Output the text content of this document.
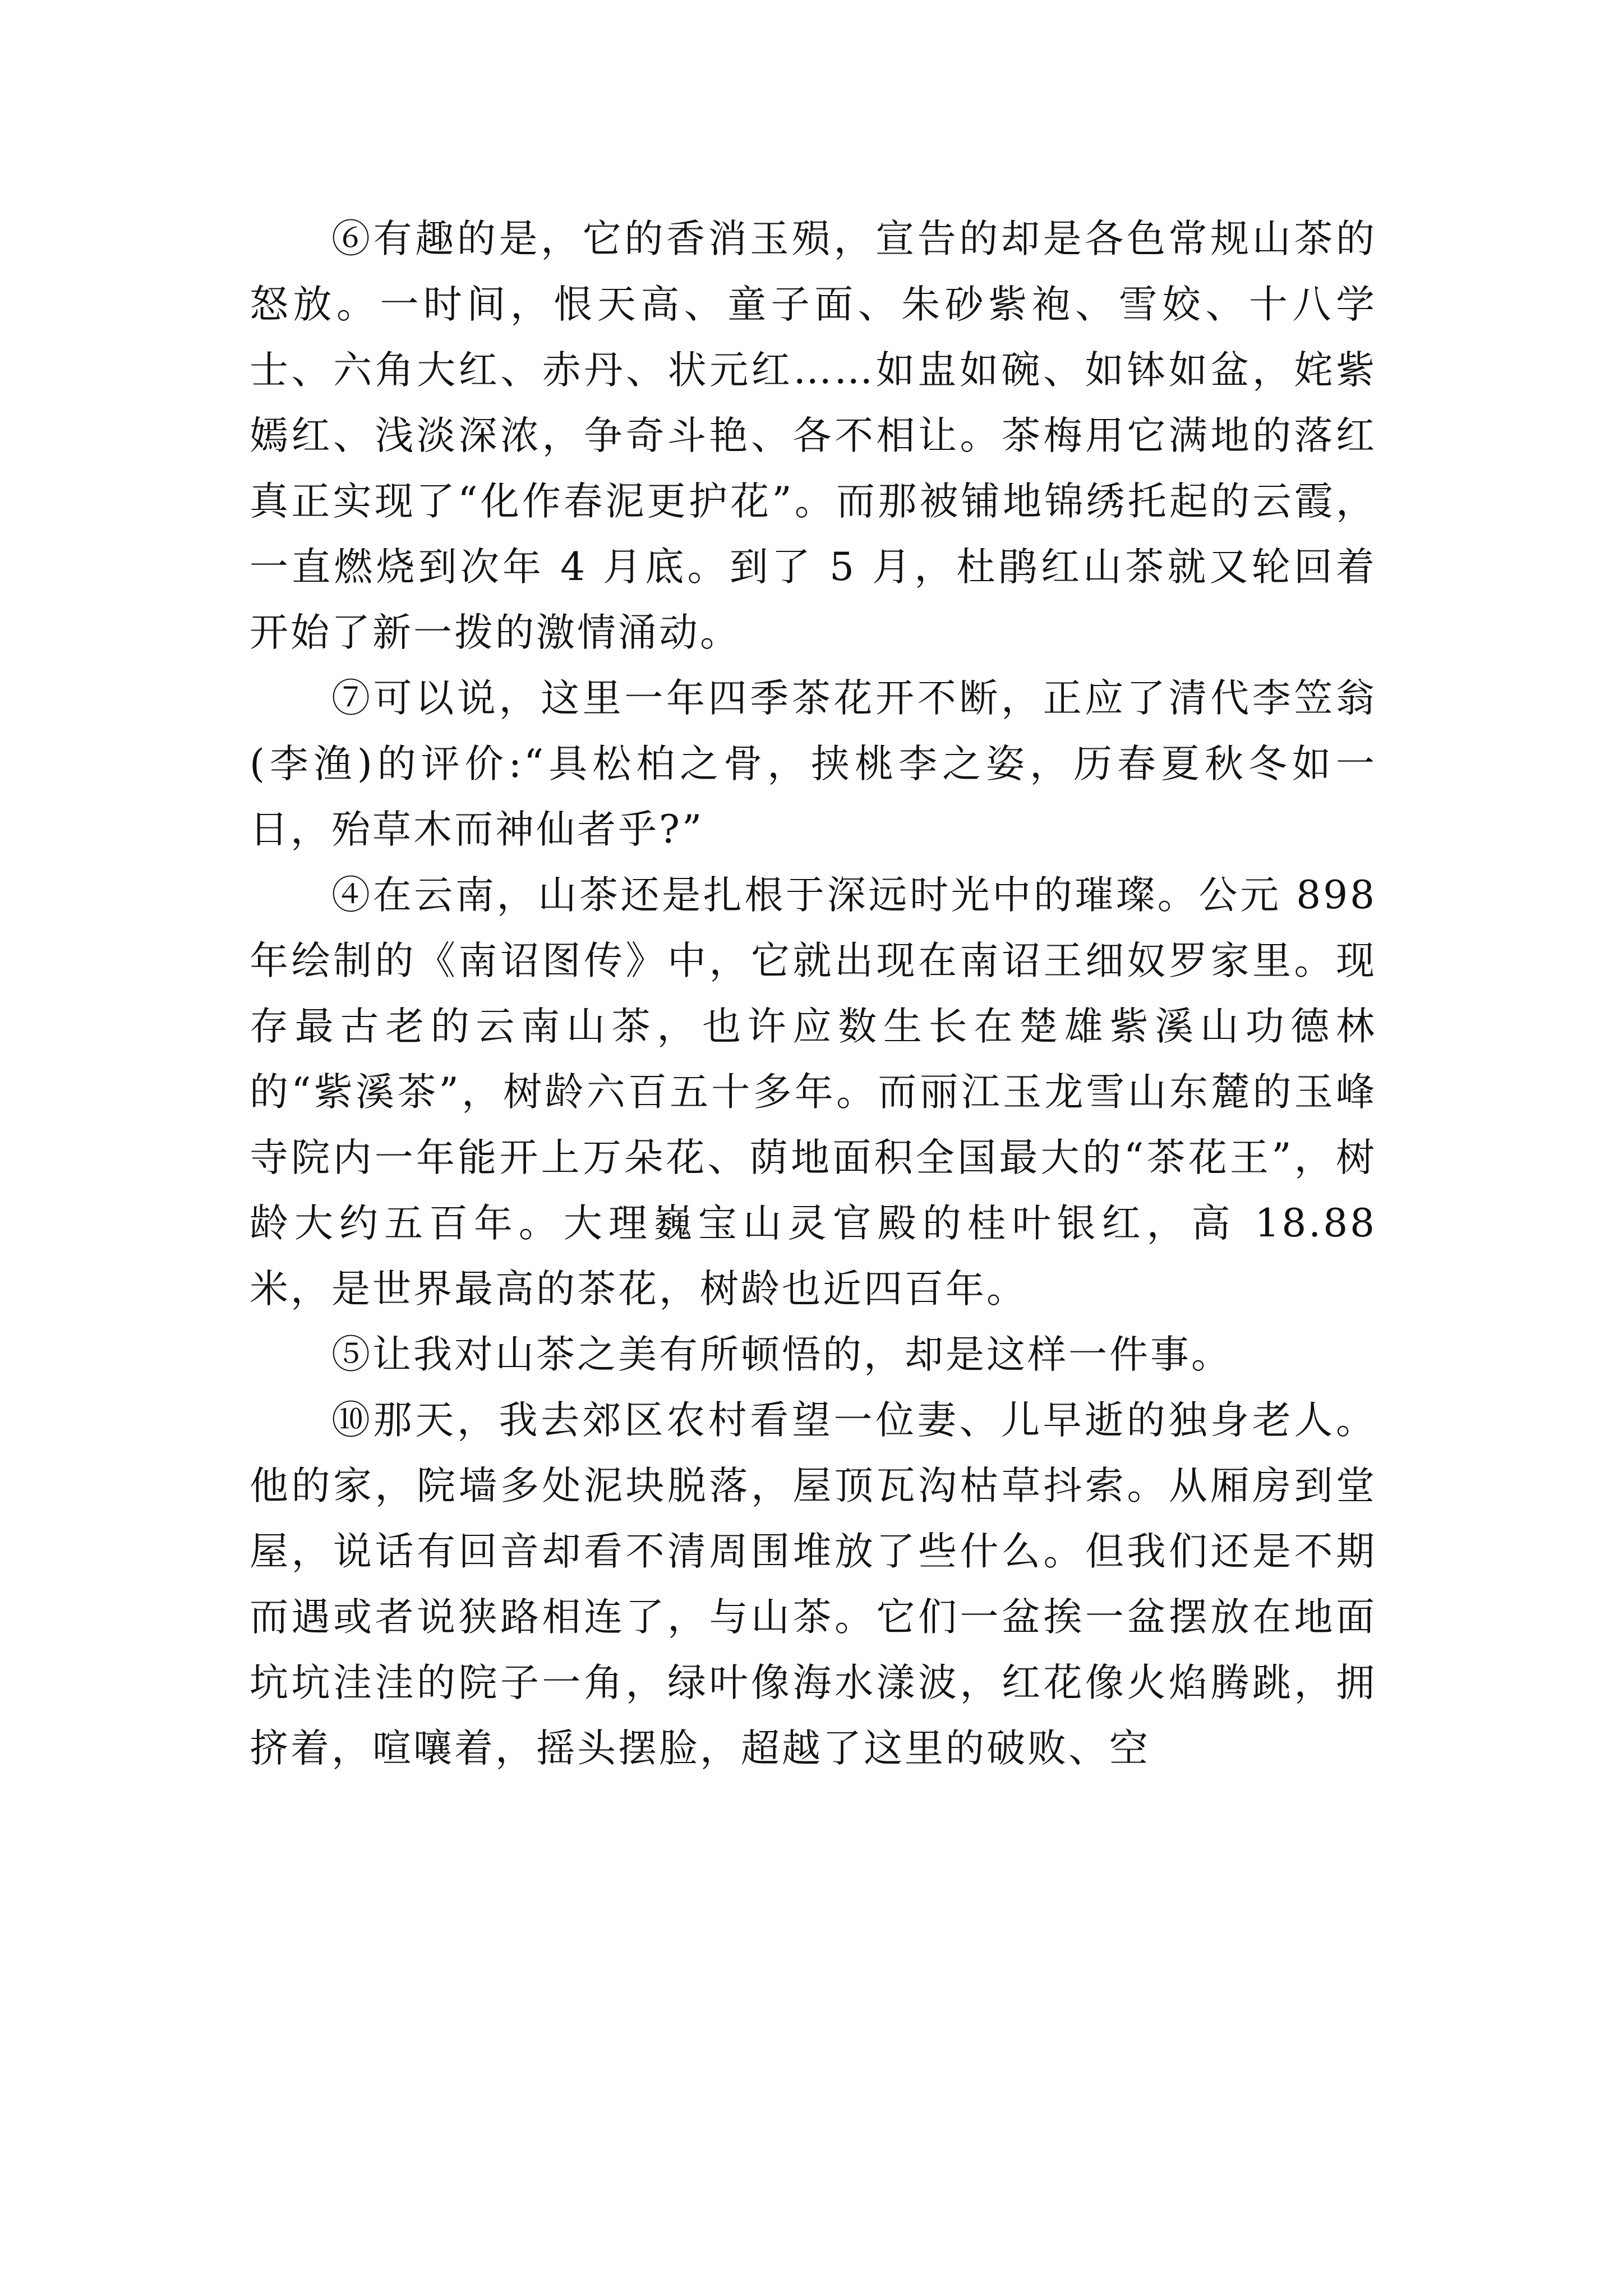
⑥有趣的是，它的香消玉殒，宣告的却是各色常规山茶的怒放。一时间，恨天高、童子面、朱砂紫袍、雪姣、十八学士、六角大红、赤丹、状元红……如盅如碗、如钵如盆，姹紫嫣红、浅淡深浓，争奇斗艳、各不相让。茶梅用它满地的落红真正实现了“化作春泥更护花”。而那被铺地锦绣托起的云霞，一直燃烧到次年 4 月底。到了 5 月，杜鹃红山茶就又轮回着开始了新一拨的激情涌动。

⑦可以说，这里一年四季茶花开不断，正应了清代李笠翁(李渔)的评价:“具松柏之骨，挟桃李之姿，历春夏秋冬如一日，殆草木而神仙者乎?”

④在云南，山茶还是扎根于深远时光中的璀璨。公元 898 年绘制的《南诏图传》中，它就出现在南诏王细奴罗家里。现存最古老的云南山茶，也许应数生长在楚雄紫溪山功德林的“紫溪茶”，树龄六百五十多年。而丽江玉龙雪山东麓的玉峰寺院内一年能开上万朵花、荫地面积全国最大的“茶花王”，树龄大约五百年。大理巍宝山灵官殿的桂叶银红，高 18.88 米，是世界最高的茶花，树龄也近四百年。

⑤让我对山茶之美有所顿悟的，却是这样一件事。

⑩那天，我去郊区农村看望一位妻、儿早逝的独身老人。他的家，院墙多处泥块脱落，屋顶瓦沟枯草抖索。从厢房到堂屋，说话有回音却看不清周围堆放了些什么。但我们还是不期而遇或者说狭路相连了，与山茶。它们一盆挨一盆摆放在地面坑坑洼洼的院子一角，绿叶像海水漾波，红花像火焰腾跳，拥挤着，喧嚷着，摇头摆脸，超越了这里的破败、空
